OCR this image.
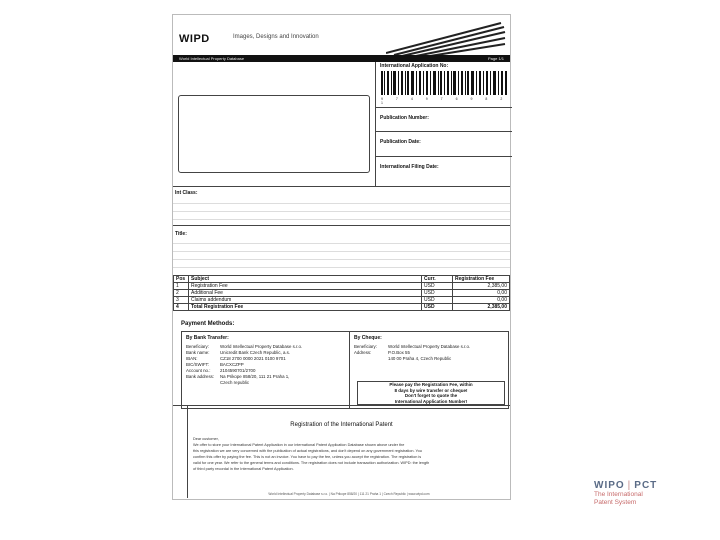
WIPD	Images, Designs and Innovation
World Intellectual Property Database	Page 1/1
International Application No:
9 7 4 9 7 6 9 8 2 1
Publication Number:
Publication Date:
International Filing Date:
Int Class:
Title:
Pos	Subject	Curr.	Registration Fee
1	Registration Fee	USD	2,385,00
2	Additional Fee	USD	0,00
3	Claims addendum	USD	0,00
4	Total Registration Fee	USD	2,385,00
Payment Methods:
By Bank Transfer:
Beneficiary:	World Intellectual Property Database s.r.o.
Bank name: Unicredit Bank Czech Republic, a.s.
IBAN:	CZ18 2700 0000 2021 0100 9701
BIC/SWIFT:	BACXCZPP
Account no.: 2104590701/2700
Bank address: Na Prikope 858/20, 111 21 Praha 1,
Czech republic
By Cheque:
Beneficiary:	World Intellectual Property Database s.r.o.
Address:	P.O.Box 55
140 00 Praha 4, Czech Republic
Please pay the Registration Fee, within
8 days by wire transfer or cheque!
Don't forget to quote the
International Application Number!
Registration of the International Patent
Dear customer,
We offer to store your International Patent Application in our international Patent Application Database shown above under the
this registration we are very concerned with the publication of actual registrations, and don't depend on any government registration. You
confirm this offer by paying the fee. This is not an invoice. You have to pay the fee, unless you accept the registration. The registration is
valid for one year. We refer to the general terms and conditions. The registration does not include transaction authorization. WIPD: the length
of third party recordal in the International Patent Application.
World Intellectual Property Database s.r.o. | Na Prikope 858/20 | 111 21 Praha 1 | Czech Republic | www.wipd.com
WIPO | PCT
The International
Patent System
